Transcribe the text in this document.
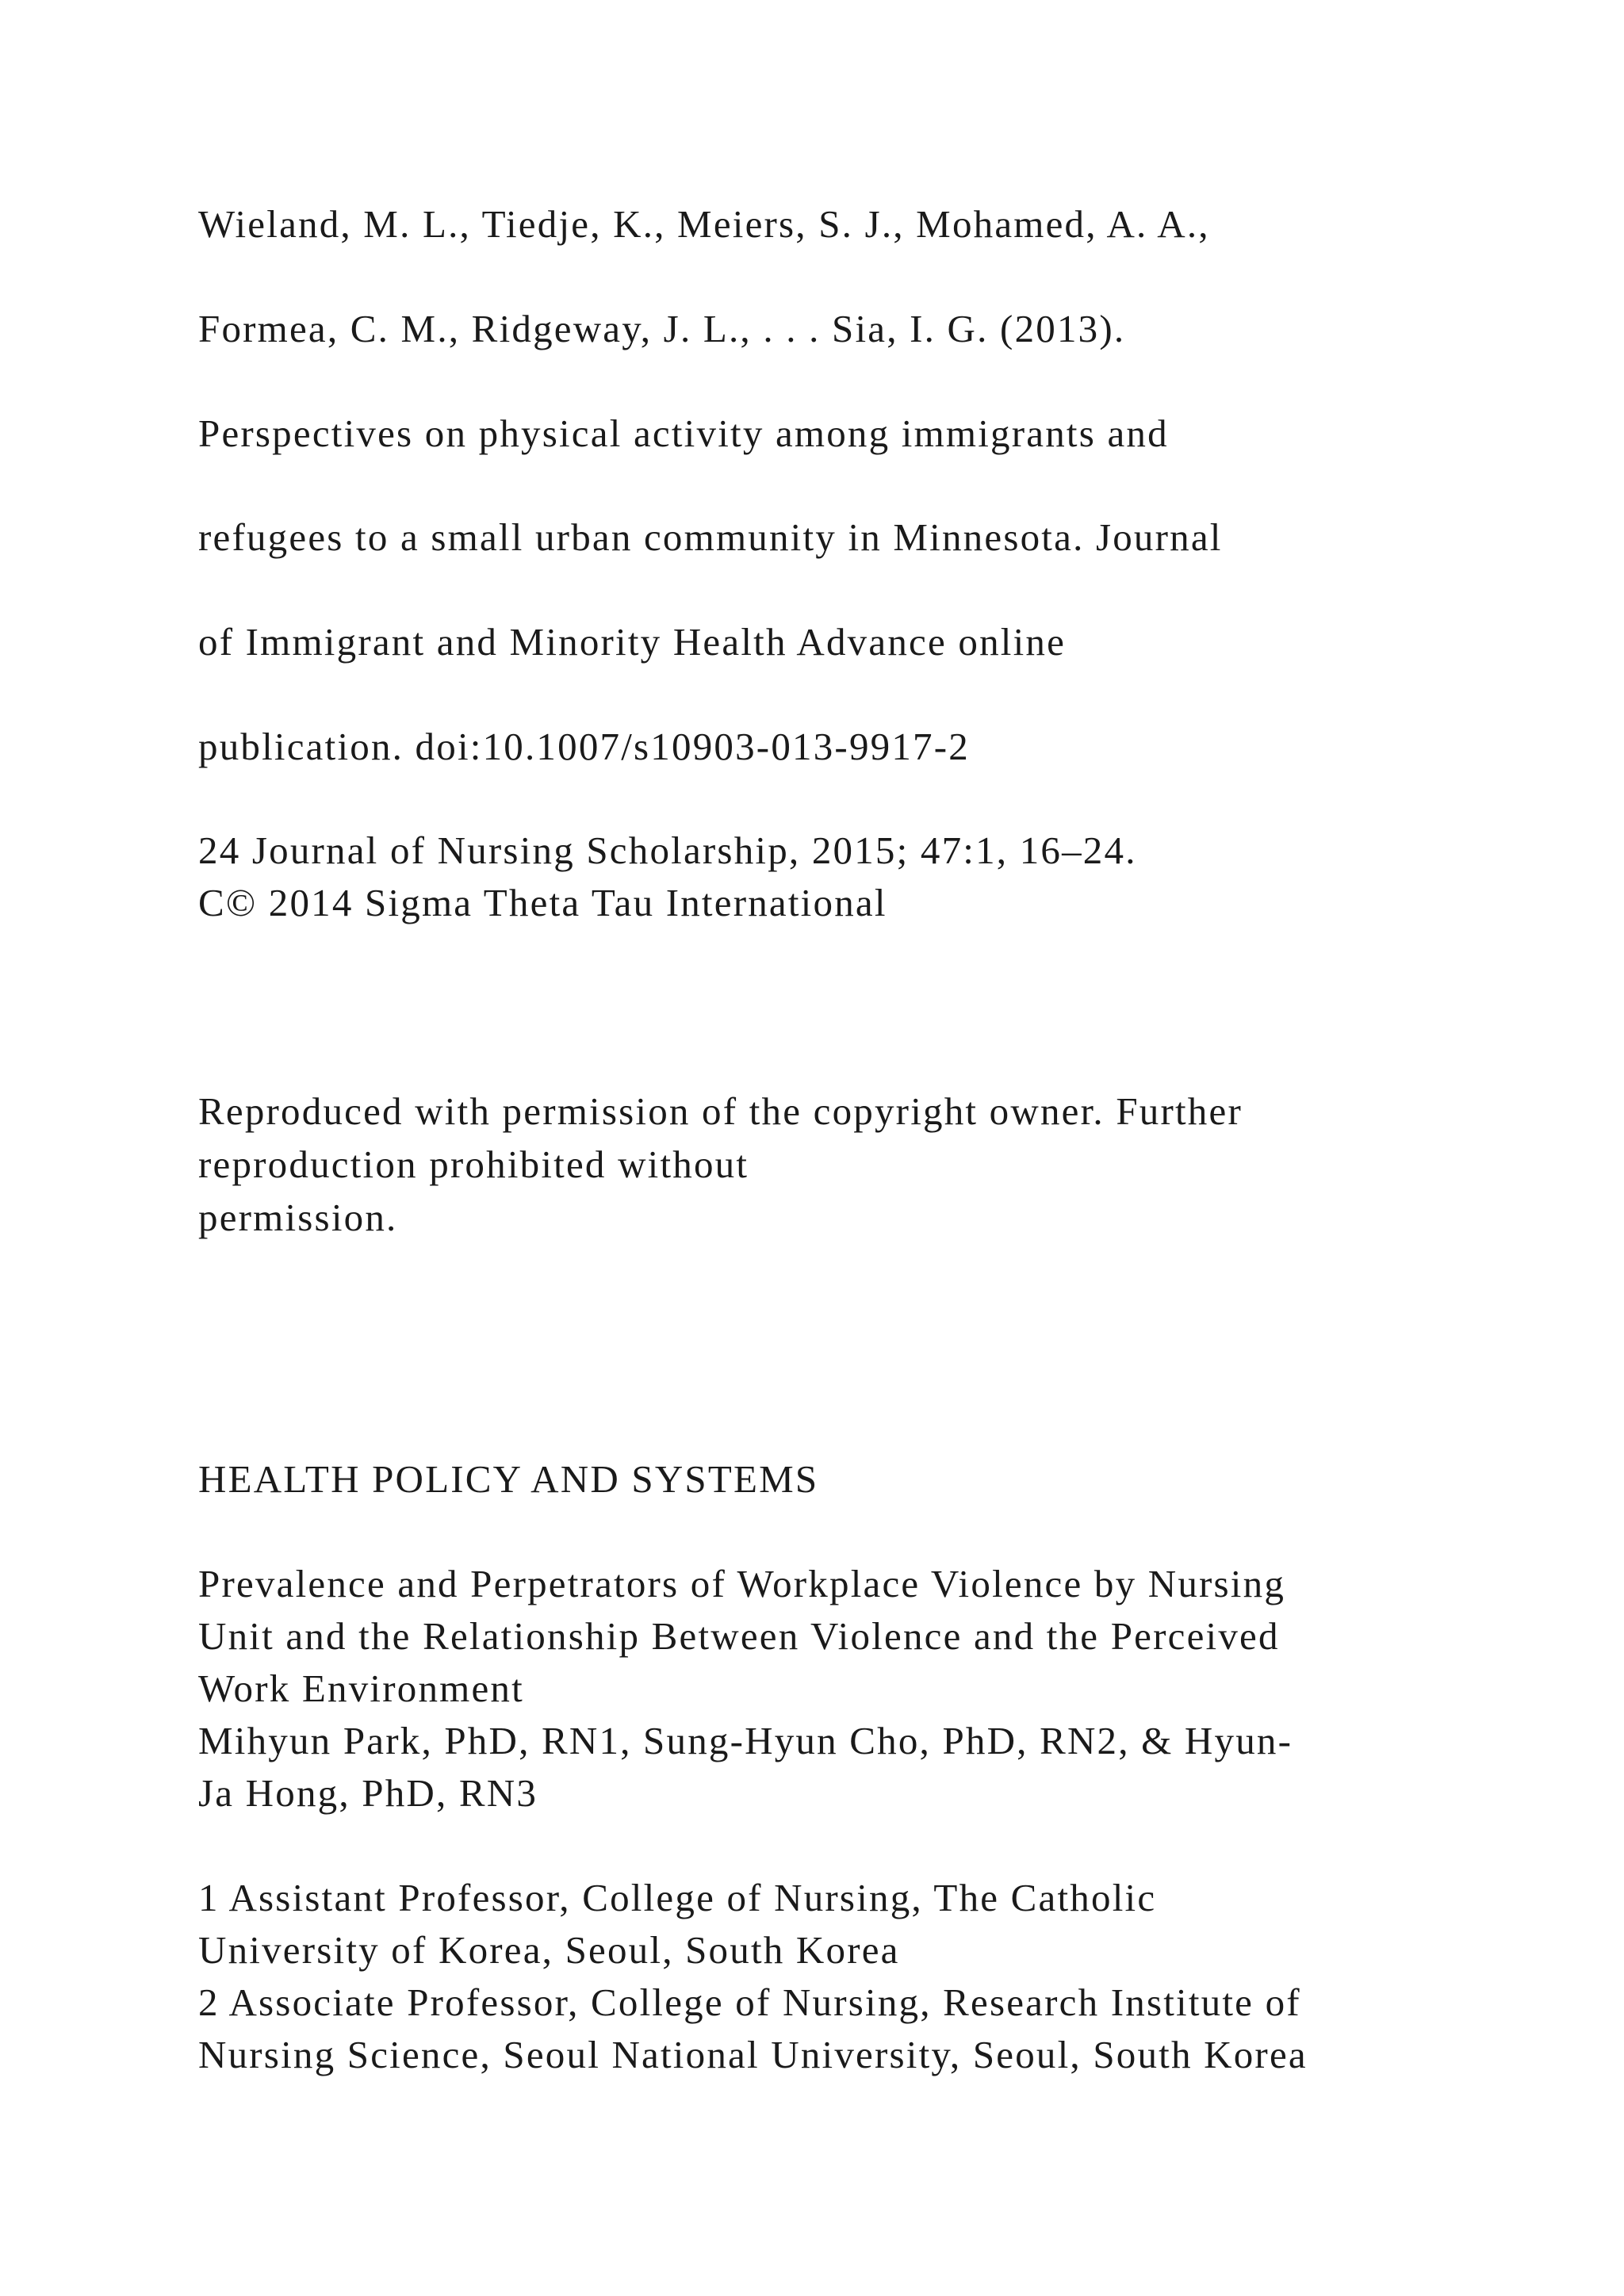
Wieland, M. L., Tiedje, K., Meiers, S. J., Mohamed, A. A.,
Formea, C. M., Ridgeway, J. L., . . . Sia, I. G. (2013).
Perspectives on physical activity among immigrants and
refugees to a small urban community in Minnesota. Journal
of Immigrant and Minority Health Advance online
publication. doi:10.1007/s10903-013-9917-2
24 Journal of Nursing Scholarship, 2015; 47:1, 16–24.
C© 2014 Sigma Theta Tau International
Reproduced with permission of the copyright owner. Further
reproduction prohibited without
permission.
HEALTH POLICY AND SYSTEMS
Prevalence and Perpetrators of Workplace Violence by Nursing
Unit and the Relationship Between Violence and the Perceived
Work Environment
Mihyun Park, PhD, RN1, Sung-Hyun Cho, PhD, RN2, & Hyun-
Ja Hong, PhD, RN3
1 Assistant Professor, College of Nursing, The Catholic
University of Korea, Seoul, South Korea
2 Associate Professor, College of Nursing, Research Institute of
Nursing Science, Seoul National University, Seoul, South Korea
